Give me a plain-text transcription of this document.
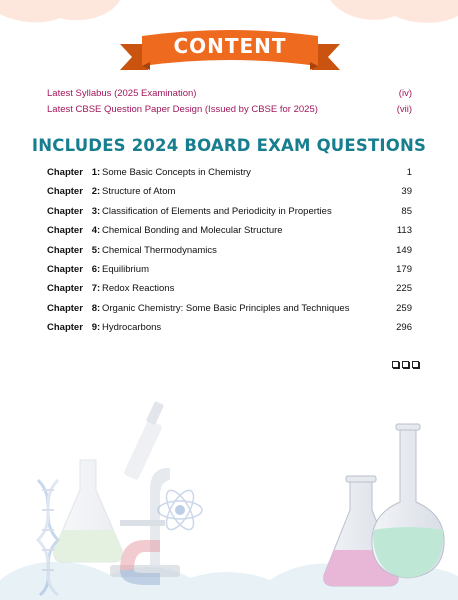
CONTENT
Latest Syllabus (2025 Examination)	(iv)
Latest CBSE Question Paper Design (Issued by CBSE for 2025)	(vii)
INCLUDES 2024 BOARD EXAM QUESTIONS
Chapter 1 : Some Basic Concepts in Chemistry	1
Chapter 2 : Structure of Atom	39
Chapter 3 : Classification of Elements and Periodicity in Properties	85
Chapter 4 : Chemical Bonding and Molecular Structure	113
Chapter 5 : Chemical Thermodynamics	149
Chapter 6 : Equilibrium	179
Chapter 7 : Redox Reactions	225
Chapter 8 : Organic Chemistry: Some Basic Principles and Techniques	259
Chapter 9 : Hydrocarbons	296
